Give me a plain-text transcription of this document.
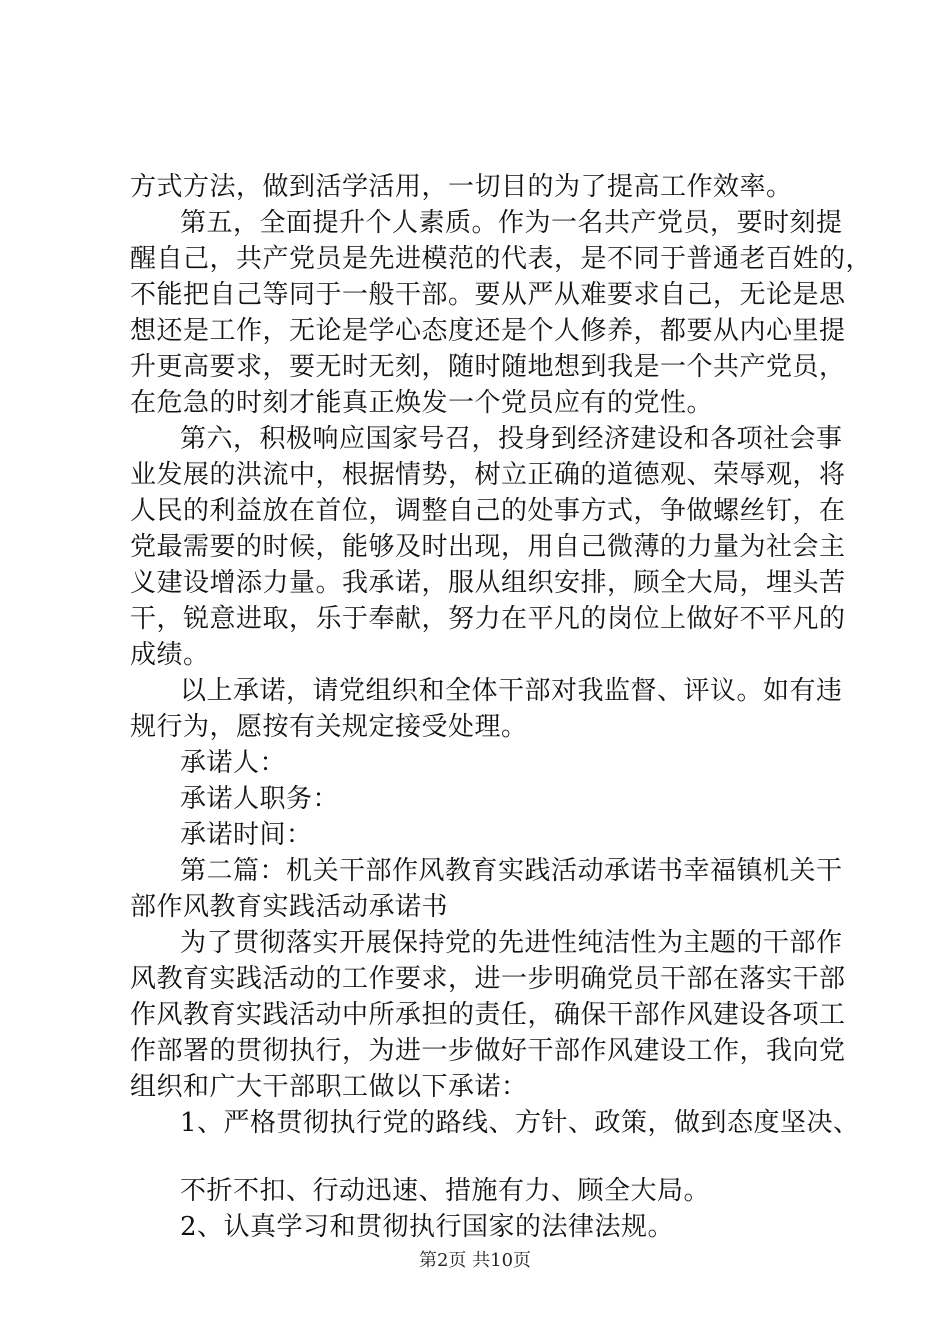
方式方法，做到活学活用，一切目的为了提高工作效率。
第五，全面提升个人素质。作为一名共产党员，要时刻提
醒自己，共产党员是先进模范的代表，是不同于普通老百姓的，
不能把自己等同于一般干部。要从严从难要求自己，无论是思
想还是工作，无论是学心态度还是个人修养，都要从内心里提
升更高要求，要无时无刻，随时随地想到我是一个共产党员，
在危急的时刻才能真正焕发一个党员应有的党性。
第六，积极响应国家号召，投身到经济建设和各项社会事
业发展的洪流中，根据情势，树立正确的道德观、荣辱观，将
人民的利益放在首位，调整自己的处事方式，争做螺丝钉，在
党最需要的时候，能够及时出现，用自己微薄的力量为社会主
义建设增添力量。我承诺，服从组织安排，顾全大局，埋头苦
干，锐意进取，乐于奉献，努力在平凡的岗位上做好不平凡的
成绩。
以上承诺，请党组织和全体干部对我监督、评议。如有违
规行为，愿按有关规定接受处理。
承诺人：
承诺人职务：
承诺时间：
第二篇：机关干部作风教育实践活动承诺书幸福镇机关干
部作风教育实践活动承诺书
为了贯彻落实开展保持党的先进性纯洁性为主题的干部作
风教育实践活动的工作要求，进一步明确党员干部在落实干部
作风教育实践活动中所承担的责任，确保干部作风建设各项工
作部署的贯彻执行，为进一步做好干部作风建设工作，我向党
组织和广大干部职工做以下承诺：
1、严格贯彻执行党的路线、方针、政策，做到态度坚决、
不折不扣、行动迅速、措施有力、顾全大局。
2、认真学习和贯彻执行国家的法律法规。
第2页 共10页
